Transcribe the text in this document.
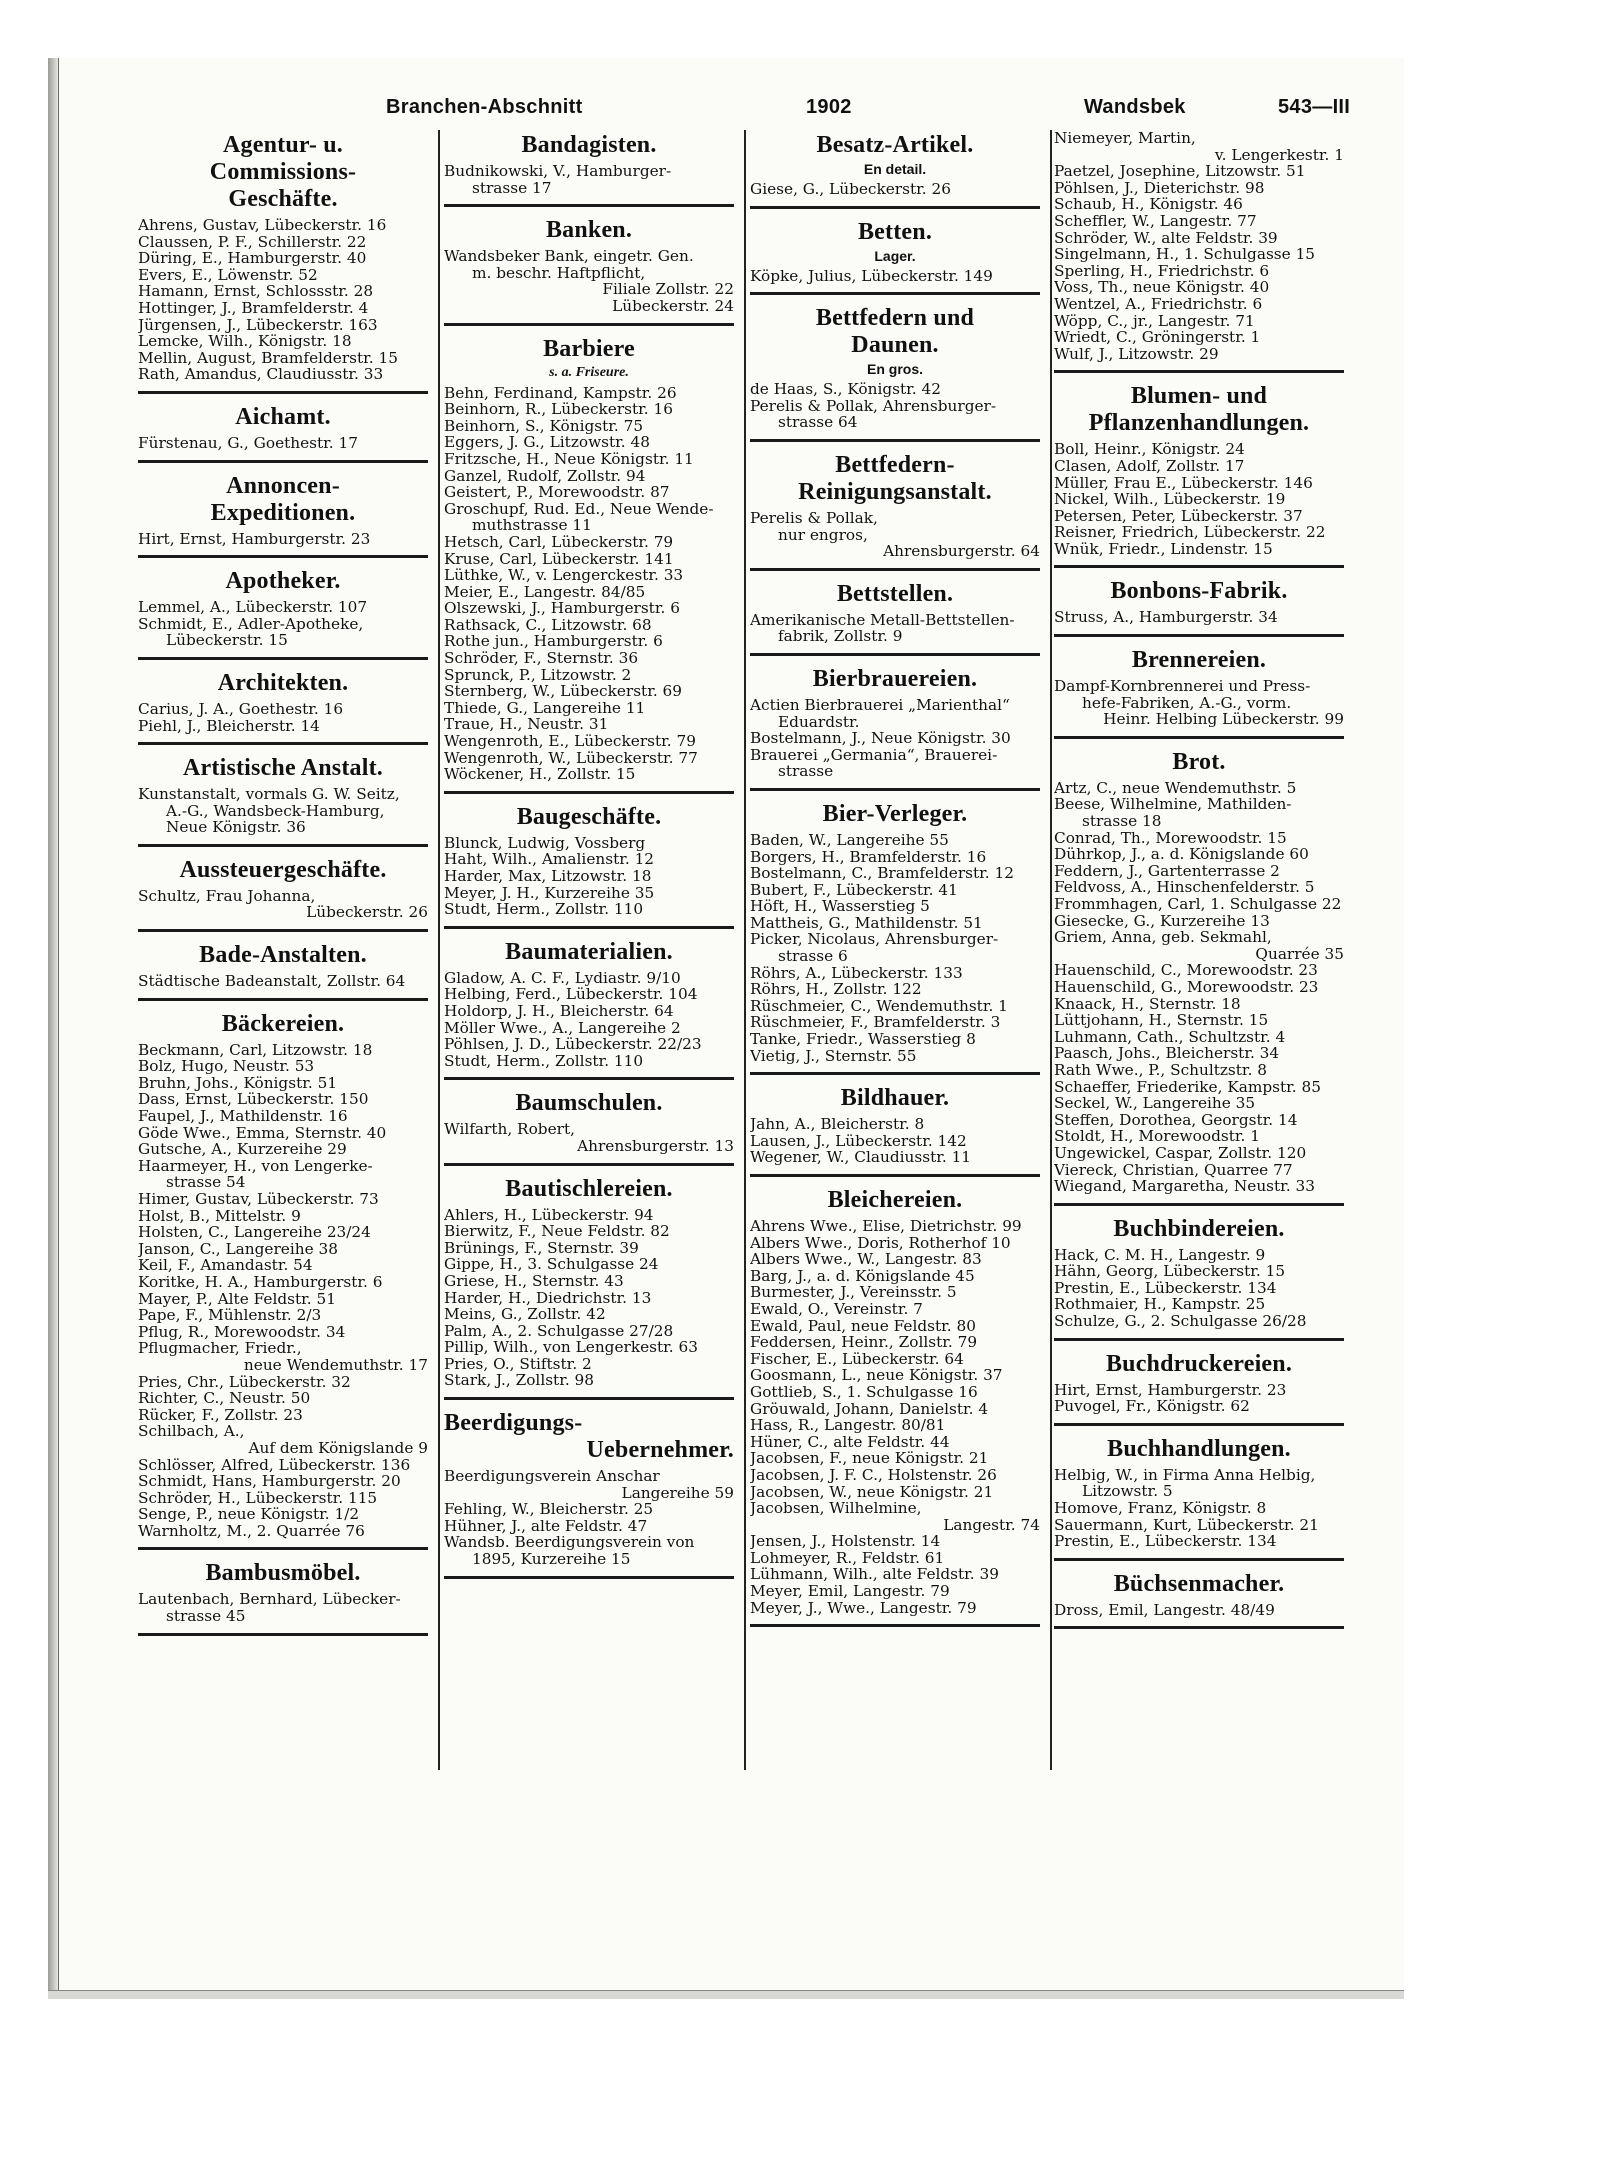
Branchen-Abschnitt	1902	Wandsbek	543—III
Agentur- u.
Commissions-
Geschäfte.
Ahrens, Gustav, Lübeckerstr. 16
Claussen, P. F., Schillerstr. 22
Düring, E., Hamburgerstr. 40
Evers, E., Löwenstr. 52
Hamann, Ernst, Schlossstr. 28
Hottinger, J., Bramfelderstr. 4
Jürgensen, J., Lübeckerstr. 163
Lemcke, Wilh., Königstr. 18
Mellin, August, Bramfelderstr. 15
Rath, Amandus, Claudiusstr. 33
Aichamt.
Fürstenau, G., Goethestr. 17
Annoncen-
Expeditionen.
Hirt, Ernst, Hamburgerstr. 23
Apotheker.
Lemmel, A., Lübeckerstr. 107
Schmidt, E., Adler-Apotheke,
Lübeckerstr. 15
Architekten.
Carius, J. A., Goethestr. 16
Piehl, J., Bleicherstr. 14
Artistische Anstalt.
Kunstanstalt, vormals G. W. Seitz,
A.-G., Wandsbeck-Hamburg,
Neue Königstr. 36
Aussteuergeschäfte.
Schultz, Frau Johanna,
Lübeckerstr. 26
Bade-Anstalten.
Städtische Badeanstalt, Zollstr. 64
Bäckereien.
Beckmann, Carl, Litzowstr. 18
Bolz, Hugo, Neustr. 53
Bruhn, Johs., Königstr. 51
Dass, Ernst, Lübeckerstr. 150
Faupel, J., Mathildenstr. 16
Göde Wwe., Emma, Sternstr. 40
Gutsche, A., Kurzereihe 29
Haarmeyer, H., von Lengerke-
strasse 54
Himer, Gustav, Lübeckerstr. 73
Holst, B., Mittelstr. 9
Holsten, C., Langereihe 23/24
Janson, C., Langereihe 38
Keil, F., Amandastr. 54
Koritke, H. A., Hamburgerstr. 6
Mayer, P., Alte Feldstr. 51
Pape, F., Mühlenstr. 2/3
Pflug, R., Morewoodstr. 34
Pflugmacher, Friedr.,
neue Wendemuthstr. 17
Pries, Chr., Lübeckerstr. 32
Richter, C., Neustr. 50
Rücker, F., Zollstr. 23
Schilbach, A.,
Auf dem Königslande 9
Schlösser, Alfred, Lübeckerstr. 136
Schmidt, Hans, Hamburgerstr. 20
Schröder, H., Lübeckerstr. 115
Senge, P., neue Königstr. 1/2
Warnholtz, M., 2. Quarrée 76
Bambusmöbel.
Lautenbach, Bernhard, Lübecker-
strasse 45
Bandagisten.
Budnikowski, V., Hamburger-
strasse 17
Banken.
Wandsbeker Bank, eingetr. Gen.
m. beschr. Haftpflicht,
Filiale Zollstr. 22
Lübeckerstr. 24
Barbiere
s. a. Friseure.
Behn, Ferdinand, Kampstr. 26
Beinhorn, R., Lübeckerstr. 16
Beinhorn, S., Königstr. 75
Eggers, J. G., Litzowstr. 48
Fritzsche, H., Neue Königstr. 11
Ganzel, Rudolf, Zollstr. 94
Geistert, P., Morewoodstr. 87
Groschupf, Rud. Ed., Neue Wende-
muthstrasse 11
Hetsch, Carl, Lübeckerstr. 79
Kruse, Carl, Lübeckerstr. 141
Lüthke, W., v. Lengerckestr. 33
Meier, E., Langestr. 84/85
Olszewski, J., Hamburgerstr. 6
Rathsack, C., Litzowstr. 68
Rothe jun., Hamburgerstr. 6
Schröder, F., Sternstr. 36
Sprunck, P., Litzowstr. 2
Sternberg, W., Lübeckerstr. 69
Thiede, G., Langereihe 11
Traue, H., Neustr. 31
Wengenroth, E., Lübeckerstr. 79
Wengenroth, W., Lübeckerstr. 77
Wöckener, H., Zollstr. 15
Baugeschäfte.
Blunck, Ludwig, Vossberg
Haht, Wilh., Amalienstr. 12
Harder, Max, Litzowstr. 18
Meyer, J. H., Kurzereihe 35
Studt, Herm., Zollstr. 110
Baumaterialien.
Gladow, A. C. F., Lydiastr. 9/10
Helbing, Ferd., Lübeckerstr. 104
Holdorp, J. H., Bleicherstr. 64
Möller Wwe., A., Langereihe 2
Pöhlsen, J. D., Lübeckerstr. 22/23
Studt, Herm., Zollstr. 110
Baumschulen.
Wilfarth, Robert,
Ahrensburgerstr. 13
Bautischlereien.
Ahlers, H., Lübeckerstr. 94
Bierwitz, F., Neue Feldstr. 82
Brünings, F., Sternstr. 39
Gippe, H., 3. Schulgasse 24
Griese, H., Sternstr. 43
Harder, H., Diedrichstr. 13
Meins, G., Zollstr. 42
Palm, A., 2. Schulgasse 27/28
Pillip, Wilh., von Lengerkestr. 63
Pries, O., Stiftstr. 2
Stark, J., Zollstr. 98
Beerdigungs-
Uebernehmer.
Beerdigungsverein Anschar
Langereihe 59
Fehling, W., Bleicherstr. 25
Hühner, J., alte Feldstr. 47
Wandsb. Beerdigungsverein von
1895, Kurzereihe 15
Besatz-Artikel.
En detail.
Giese, G., Lübeckerstr. 26
Betten.
Lager.
Köpke, Julius, Lübeckerstr. 149
Bettfedern und
Daunen.
En gros.
de Haas, S., Königstr. 42
Perelis & Pollak, Ahrensburger-
strasse 64
Bettfedern-
Reinigungsanstalt.
Perelis & Pollak,
nur engros,
Ahrensburgerstr. 64
Bettstellen.
Amerikanische Metall-Bettstellen-
fabrik, Zollstr. 9
Bierbrauereien.
Actien Bierbrauerei „Marienthal“
Eduardstr.
Bostelmann, J., Neue Königstr. 30
Brauerei „Germania“, Brauerei-
strasse
Bier-Verleger.
Baden, W., Langereihe 55
Borgers, H., Bramfelderstr. 16
Bostelmann, C., Bramfelderstr. 12
Bubert, F., Lübeckerstr. 41
Höft, H., Wasserstieg 5
Mattheis, G., Mathildenstr. 51
Picker, Nicolaus, Ahrensburger-
strasse 6
Röhrs, A., Lübeckerstr. 133
Röhrs, H., Zollstr. 122
Rüschmeier, C., Wendemuthstr. 1
Rüschmeier, F., Bramfelderstr. 3
Tanke, Friedr., Wasserstieg 8
Vietig, J., Sternstr. 55
Bildhauer.
Jahn, A., Bleicherstr. 8
Lausen, J., Lübeckerstr. 142
Wegener, W., Claudiusstr. 11
Bleichereien.
Ahrens Wwe., Elise, Dietrichstr. 99
Albers Wwe., Doris, Rotherhof 10
Albers Wwe., W., Langestr. 83
Barg, J., a. d. Königslande 45
Burmester, J., Vereinsstr. 5
Ewald, O., Vereinstr. 7
Ewald, Paul, neue Feldstr. 80
Feddersen, Heinr., Zollstr. 79
Fischer, E., Lübeckerstr. 64
Goosmann, L., neue Königstr. 37
Gottlieb, S., 1. Schulgasse 16
Gröuwald, Johann, Danielstr. 4
Hass, R., Langestr. 80/81
Hüner, C., alte Feldstr. 44
Jacobsen, F., neue Königstr. 21
Jacobsen, J. F. C., Holstenstr. 26
Jacobsen, W., neue Königstr. 21
Jacobsen, Wilhelmine,
Langestr. 74
Jensen, J., Holstenstr. 14
Lohmeyer, R., Feldstr. 61
Lühmann, Wilh., alte Feldstr. 39
Meyer, Emil, Langestr. 79
Meyer, J., Wwe., Langestr. 79
Niemeyer, Martin,
v. Lengerkestr. 1
Paetzel, Josephine, Litzowstr. 51
Pöhlsen, J., Dieterichstr. 98
Schaub, H., Königstr. 46
Scheffler, W., Langestr. 77
Schröder, W., alte Feldstr. 39
Singelmann, H., 1. Schulgasse 15
Sperling, H., Friedrichstr. 6
Voss, Th., neue Königstr. 40
Wentzel, A., Friedrichstr. 6
Wöpp, C., jr., Langestr. 71
Wriedt, C., Gröningerstr. 1
Wulf, J., Litzowstr. 29
Blumen- und
Pflanzenhandlungen.
Boll, Heinr., Königstr. 24
Clasen, Adolf, Zollstr. 17
Müller, Frau E., Lübeckerstr. 146
Nickel, Wilh., Lübeckerstr. 19
Petersen, Peter, Lübeckerstr. 37
Reisner, Friedrich, Lübeckerstr. 22
Wnük, Friedr., Lindenstr. 15
Bonbons-Fabrik.
Struss, A., Hamburgerstr. 34
Brennereien.
Dampf-Kornbrennerei und Press-
hefe-Fabriken, A.-G., vorm.
Heinr. Helbing Lübeckerstr. 99
Brot.
Artz, C., neue Wendemuthstr. 5
Beese, Wilhelmine, Mathilden-
strasse 18
Conrad, Th., Morewoodstr. 15
Dührkop, J., a. d. Königslande 60
Feddern, J., Gartenterrasse 2
Feldvoss, A., Hinschenfelderstr. 5
Frommhagen, Carl, 1. Schulgasse 22
Giesecke, G., Kurzereihe 13
Griem, Anna, geb. Sekmahl,
Quarrée 35
Hauenschild, C., Morewoodstr. 23
Hauenschild, G., Morewoodstr. 23
Knaack, H., Sternstr. 18
Lüttjohann, H., Sternstr. 15
Luhmann, Cath., Schultzstr. 4
Paasch, Johs., Bleicherstr. 34
Rath Wwe., P., Schultzstr. 8
Schaeffer, Friederike, Kampstr. 85
Seckel, W., Langereihe 35
Steffen, Dorothea, Georgstr. 14
Stoldt, H., Morewoodstr. 1
Ungewickel, Caspar, Zollstr. 120
Viereck, Christian, Quarree 77
Wiegand, Margaretha, Neustr. 33
Buchbindereien.
Hack, C. M. H., Langestr. 9
Hähn, Georg, Lübeckerstr. 15
Prestin, E., Lübeckerstr. 134
Rothmaier, H., Kampstr. 25
Schulze, G., 2. Schulgasse 26/28
Buchdruckereien.
Hirt, Ernst, Hamburgerstr. 23
Puvogel, Fr., Königstr. 62
Buchhandlungen.
Helbig, W., in Firma Anna Helbig,
Litzowstr. 5
Homove, Franz, Königstr. 8
Sauermann, Kurt, Lübeckerstr. 21
Prestin, E., Lübeckerstr. 134
Büchsenmacher.
Dross, Emil, Langestr. 48/49
